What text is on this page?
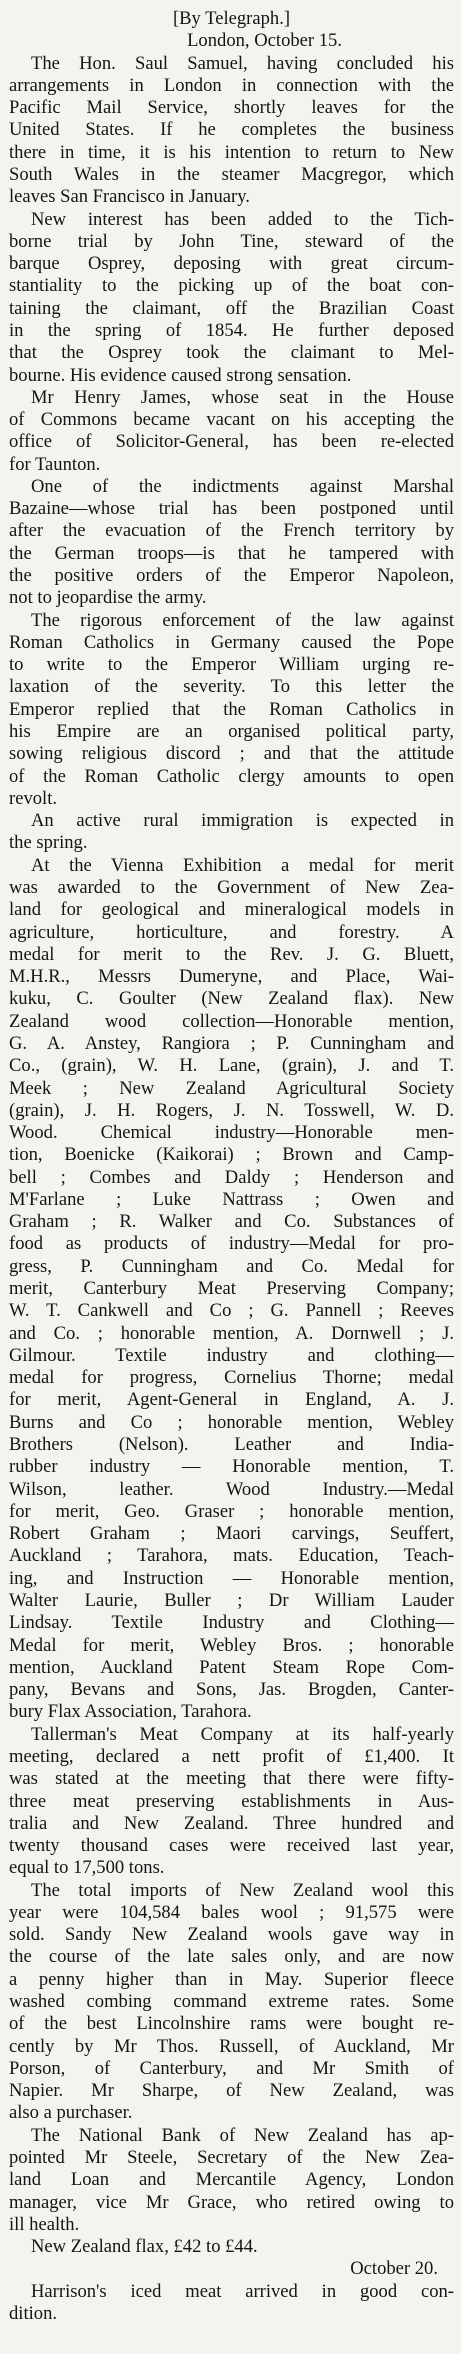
[By Telegraph.]
London, October 15.
The Hon. Saul Samuel, having concluded his
arrangements in London in connection with the
Pacific Mail Service, shortly leaves for the
United States. If he completes the business
there in time, it is his intention to return to New
South Wales in the steamer Macgregor, which
leaves San Francisco in January.
New interest has been added to the Tich-
borne trial by John Tine, steward of the
barque Osprey, deposing with great circum-
stantiality to the picking up of the boat con-
taining the claimant, off the Brazilian Coast
in the spring of 1854. He further deposed
that the Osprey took the claimant to Mel-
bourne. His evidence caused strong sensation.
Mr Henry James, whose seat in the House
of Commons became vacant on his accepting the
office of Solicitor-General, has been re-elected
for Taunton.
One of the indictments against Marshal
Bazaine—whose trial has been postponed until
after the evacuation of the French territory by
the German troops—is that he tampered with
the positive orders of the Emperor Napoleon,
not to jeopardise the army.
The rigorous enforcement of the law against
Roman Catholics in Germany caused the Pope
to write to the Emperor William urging re-
laxation of the severity. To this letter the
Emperor replied that the Roman Catholics in
his Empire are an organised political party,
sowing religious discord ; and that the attitude
of the Roman Catholic clergy amounts to open
revolt.
An active rural immigration is expected in
the spring.
At the Vienna Exhibition a medal for merit
was awarded to the Government of New Zea-
land for geological and mineralogical models in
agriculture, horticulture, and forestry. A
medal for merit to the Rev. J. G. Bluett,
M.H.R., Messrs Dumeryne, and Place, Wai-
kuku, C. Goulter (New Zealand flax). New
Zealand wood collection—Honorable mention,
G. A. Anstey, Rangiora ; P. Cunningham and
Co., (grain), W. H. Lane, (grain), J. and T.
Meek ; New Zealand Agricultural Society
(grain), J. H. Rogers, J. N. Tosswell, W. D.
Wood. Chemical industry—Honorable men-
tion, Boenicke (Kaikorai) ; Brown and Camp-
bell ; Combes and Daldy ; Henderson and
M'Farlane ; Luke Nattrass ; Owen and
Graham ; R. Walker and Co. Substances of
food as products of industry—Medal for pro-
gress, P. Cunningham and Co. Medal for
merit, Canterbury Meat Preserving Company;
W. T. Cankwell and Co ; G. Pannell ; Reeves
and Co. ; honorable mention, A. Dornwell ; J.
Gilmour. Textile industry and clothing—
medal for progress, Cornelius Thorne; medal
for merit, Agent-General in England, A. J.
Burns and Co ; honorable mention, Webley
Brothers (Nelson). Leather and India-
rubber industry — Honorable mention, T.
Wilson, leather. Wood Industry.—Medal
for merit, Geo. Graser ; honorable mention,
Robert Graham ; Maori carvings, Seuffert,
Auckland ; Tarahora, mats. Education, Teach-
ing, and Instruction — Honorable mention,
Walter Laurie, Buller ; Dr William Lauder
Lindsay. Textile Industry and Clothing—
Medal for merit, Webley Bros. ; honorable
mention, Auckland Patent Steam Rope Com-
pany, Bevans and Sons, Jas. Brogden, Canter-
bury Flax Association, Tarahora.
Tallerman's Meat Company at its half-yearly
meeting, declared a nett profit of £1,400. It
was stated at the meeting that there were fifty-
three meat preserving establishments in Aus-
tralia and New Zealand. Three hundred and
twenty thousand cases were received last year,
equal to 17,500 tons.
The total imports of New Zealand wool this
year were 104,584 bales wool ; 91,575 were
sold. Sandy New Zealand wools gave way in
the course of the late sales only, and are now
a penny higher than in May. Superior fleece
washed combing command extreme rates. Some
of the best Lincolnshire rams were bought re-
cently by Mr Thos. Russell, of Auckland, Mr
Porson, of Canterbury, and Mr Smith of
Napier. Mr Sharpe, of New Zealand, was
also a purchaser.
The National Bank of New Zealand has ap-
pointed Mr Steele, Secretary of the New Zea-
land Loan and Mercantile Agency, London
manager, vice Mr Grace, who retired owing to
ill health.
New Zealand flax, £42 to £44.
October 20.
Harrison's iced meat arrived in good con-
dition.
